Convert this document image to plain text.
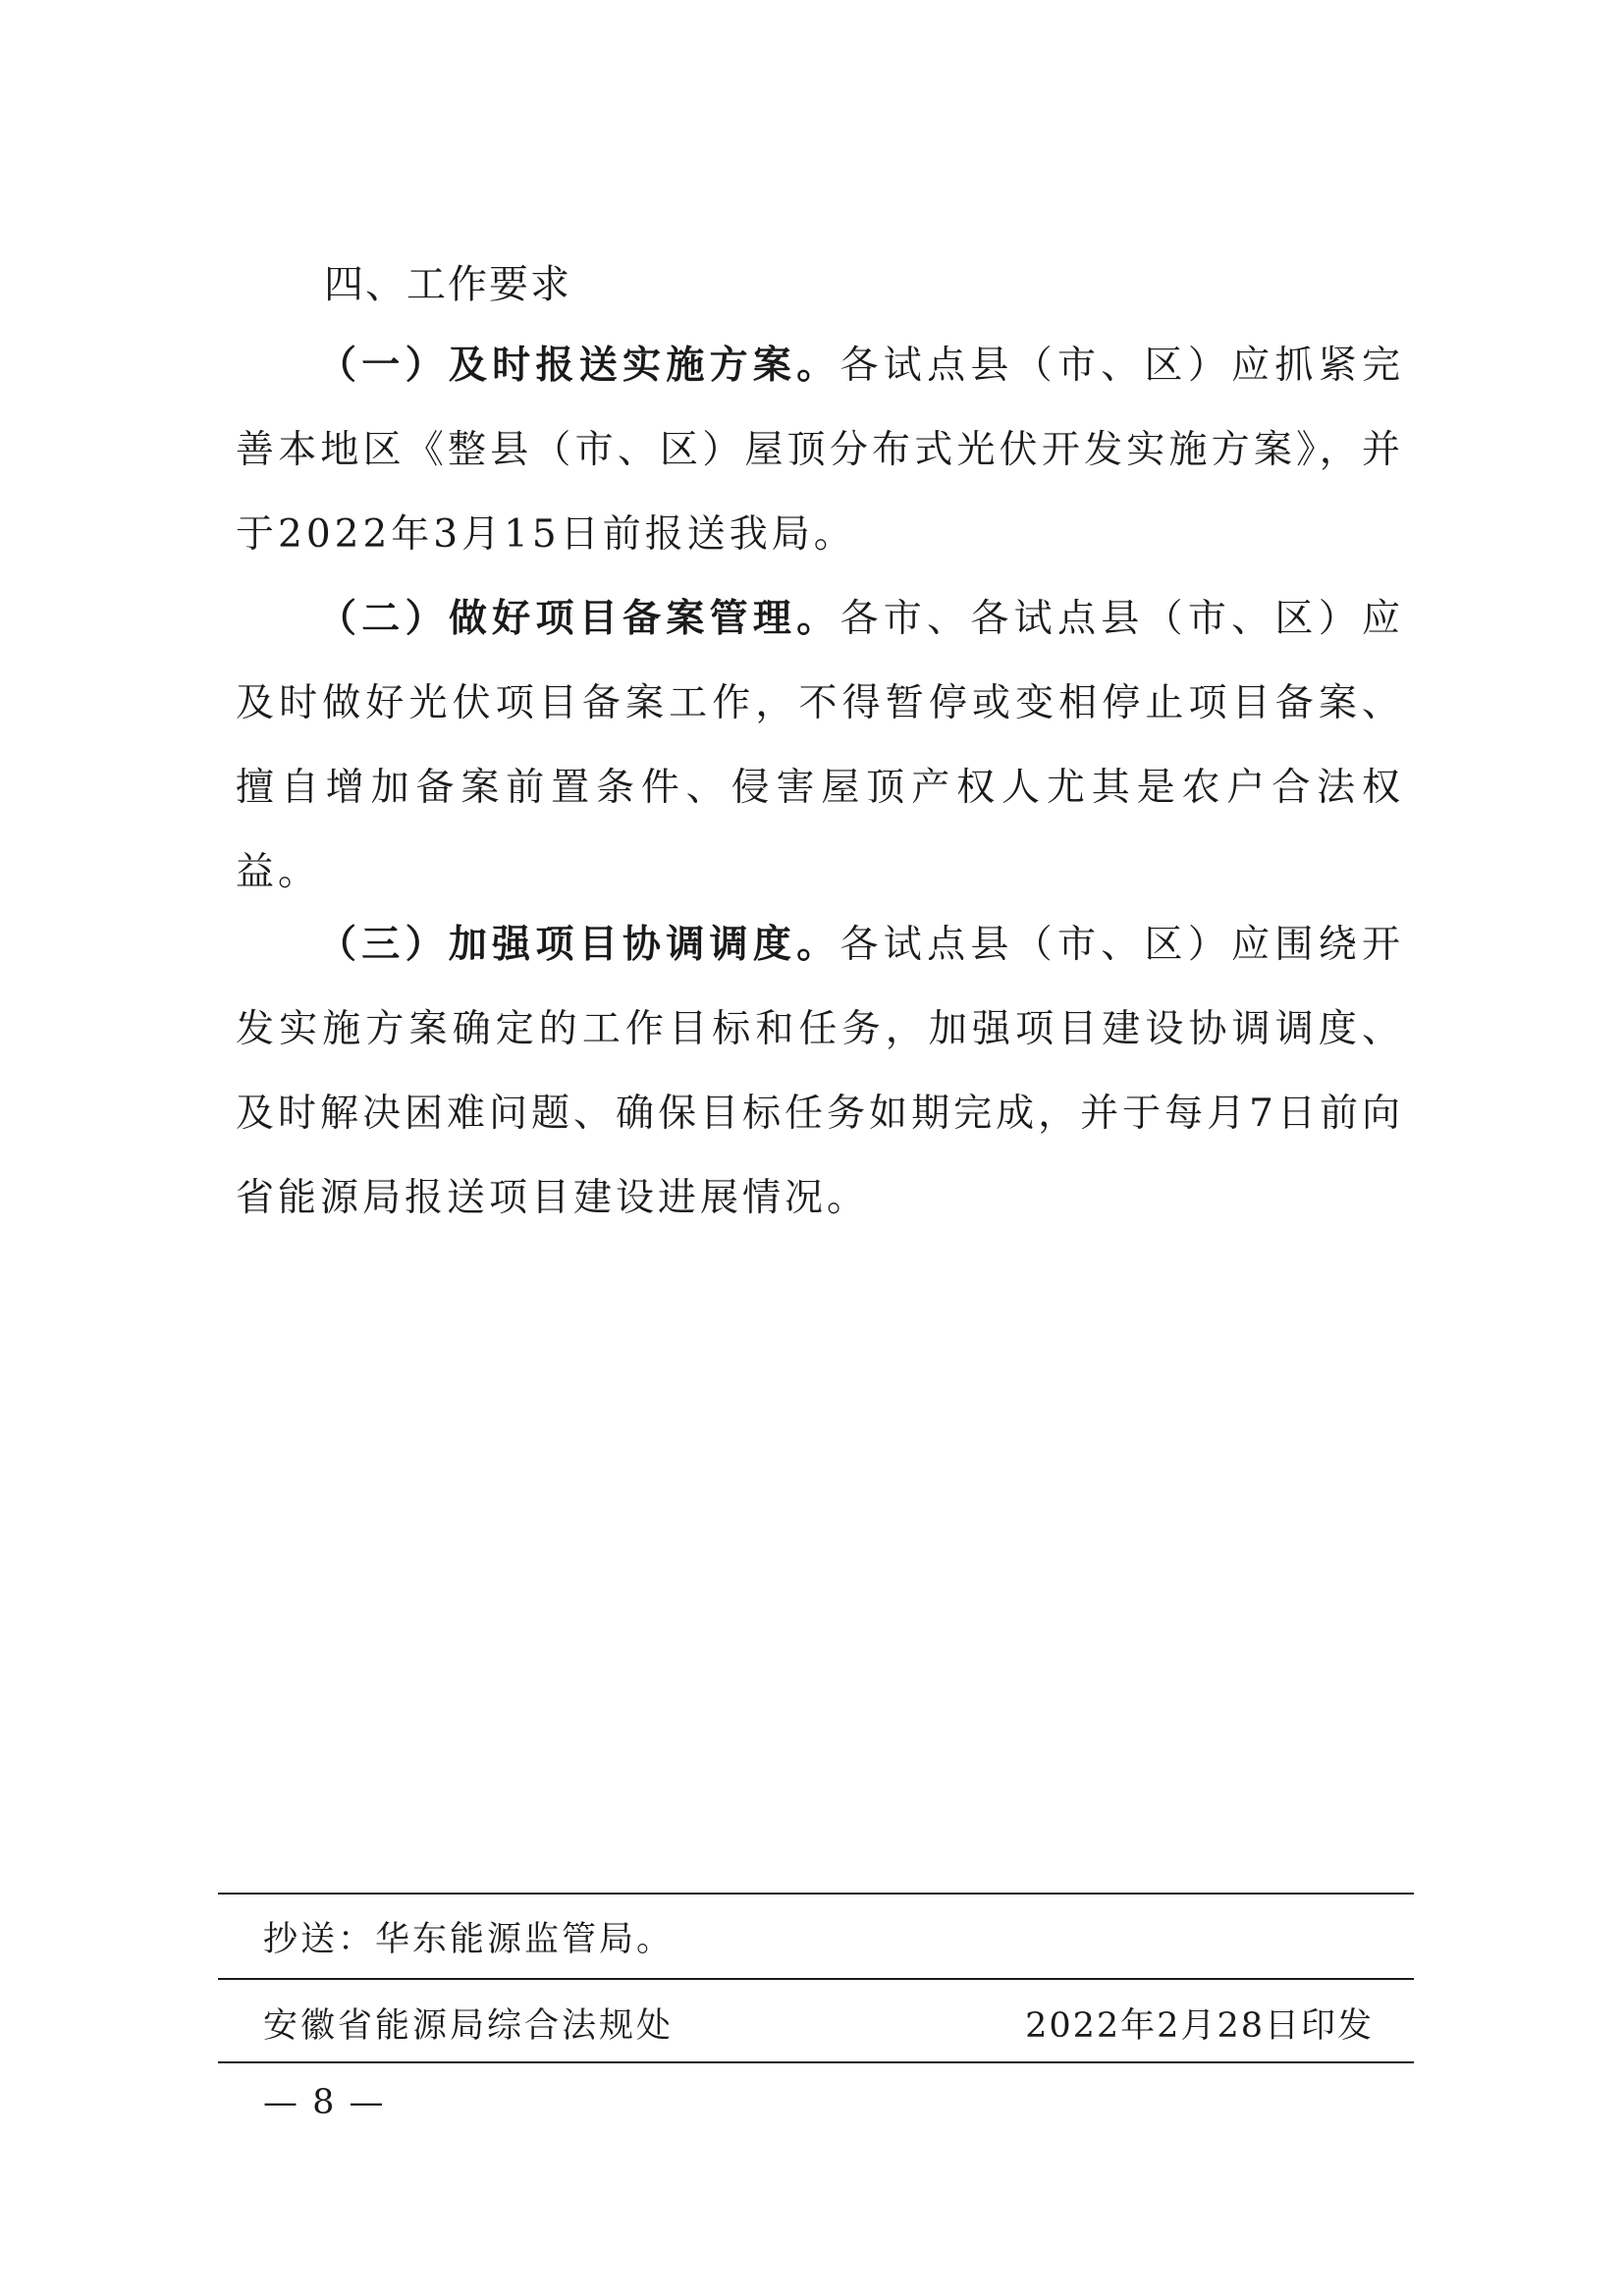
四、工作要求

（一）及时报送实施方案。各试点县（市、区）应抓紧完善本地区《整县（市、区）屋顶分布式光伏开发实施方案》，并于2022年3月15日前报送我局。

（二）做好项目备案管理。各市、各试点县（市、区）应及时做好光伏项目备案工作，不得暂停或变相停止项目备案、擅自增加备案前置条件、侵害屋顶产权人尤其是农户合法权益。

（三）加强项目协调调度。各试点县（市、区）应围绕开发实施方案确定的工作目标和任务，加强项目建设协调调度、及时解决困难问题、确保目标任务如期完成，并于每月7日前向省能源局报送项目建设进展情况。

抄送：华东能源监管局。

安徽省能源局综合法规处	2022年2月28日印发

— 8 —
